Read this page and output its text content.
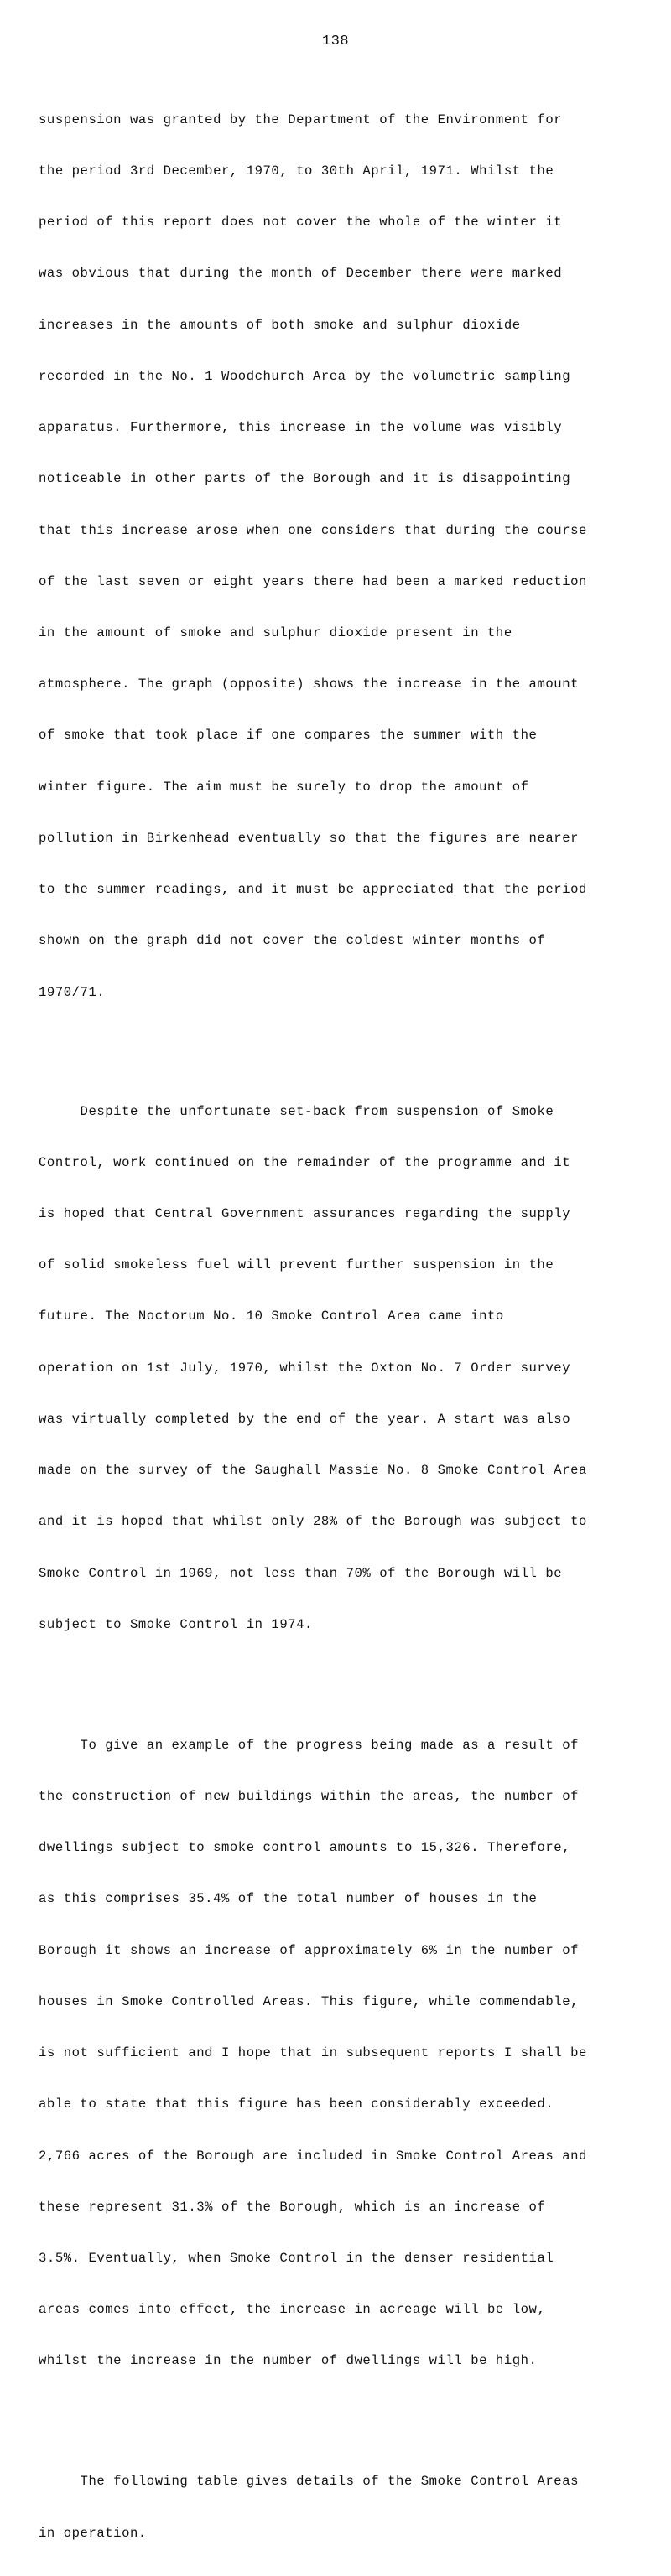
138

suspension was granted by the Department of the Environment for

the period 3rd December, 1970, to 30th April, 1971. Whilst the

period of this report does not cover the whole of the winter it

was obvious that during the month of December there were marked

increases in the amounts of both smoke and sulphur dioxide

recorded in the No. 1 Woodchurch Area by the volumetric sampling

apparatus. Furthermore, this increase in the volume was visibly

noticeable in other parts of the Borough and it is disappointing

that this increase arose when one considers that during the course

of the last seven or eight years there had been a marked reduction

in the amount of smoke and sulphur dioxide present in the

atmosphere. The graph (opposite) shows the increase in the amount

of smoke that took place if one compares the summer with the

winter figure. The aim must be surely to drop the amount of

pollution in Birkenhead eventually so that the figures are nearer

to the summer readings, and it must be appreciated that the period

shown on the graph did not cover the coldest winter months of

1970/71.

Despite the unfortunate set-back from suspension of Smoke

Control, work continued on the remainder of the programme and it

is hoped that Central Government assurances regarding the supply

of solid smokeless fuel will prevent further suspension in the

future. The Noctorum No. 10 Smoke Control Area came into

operation on 1st July, 1970, whilst the Oxton No. 7 Order survey

was virtually completed by the end of the year. A start was also

made on the survey of the Saughall Massie No. 8 Smoke Control Area

and it is hoped that whilst only 28% of the Borough was subject to

Smoke Control in 1969, not less than 70% of the Borough will be

subject to Smoke Control in 1974.

To give an example of the progress being made as a result of

the construction of new buildings within the areas, the number of

dwellings subject to smoke control amounts to 15,326. Therefore,

as this comprises 35.4% of the total number of houses in the

Borough it shows an increase of approximately 6% in the number of

houses in Smoke Controlled Areas. This figure, while commendable,

is not sufficient and I hope that in subsequent reports I shall be

able to state that this figure has been considerably exceeded.

2,766 acres of the Borough are included in Smoke Control Areas and

these represent 31.3% of the Borough, which is an increase of

3.5%. Eventually, when Smoke Control in the denser residential

areas comes into effect, the increase in acreage will be low,

whilst the increase in the number of dwellings will be high.

The following table gives details of the Smoke Control Areas

in operation.
